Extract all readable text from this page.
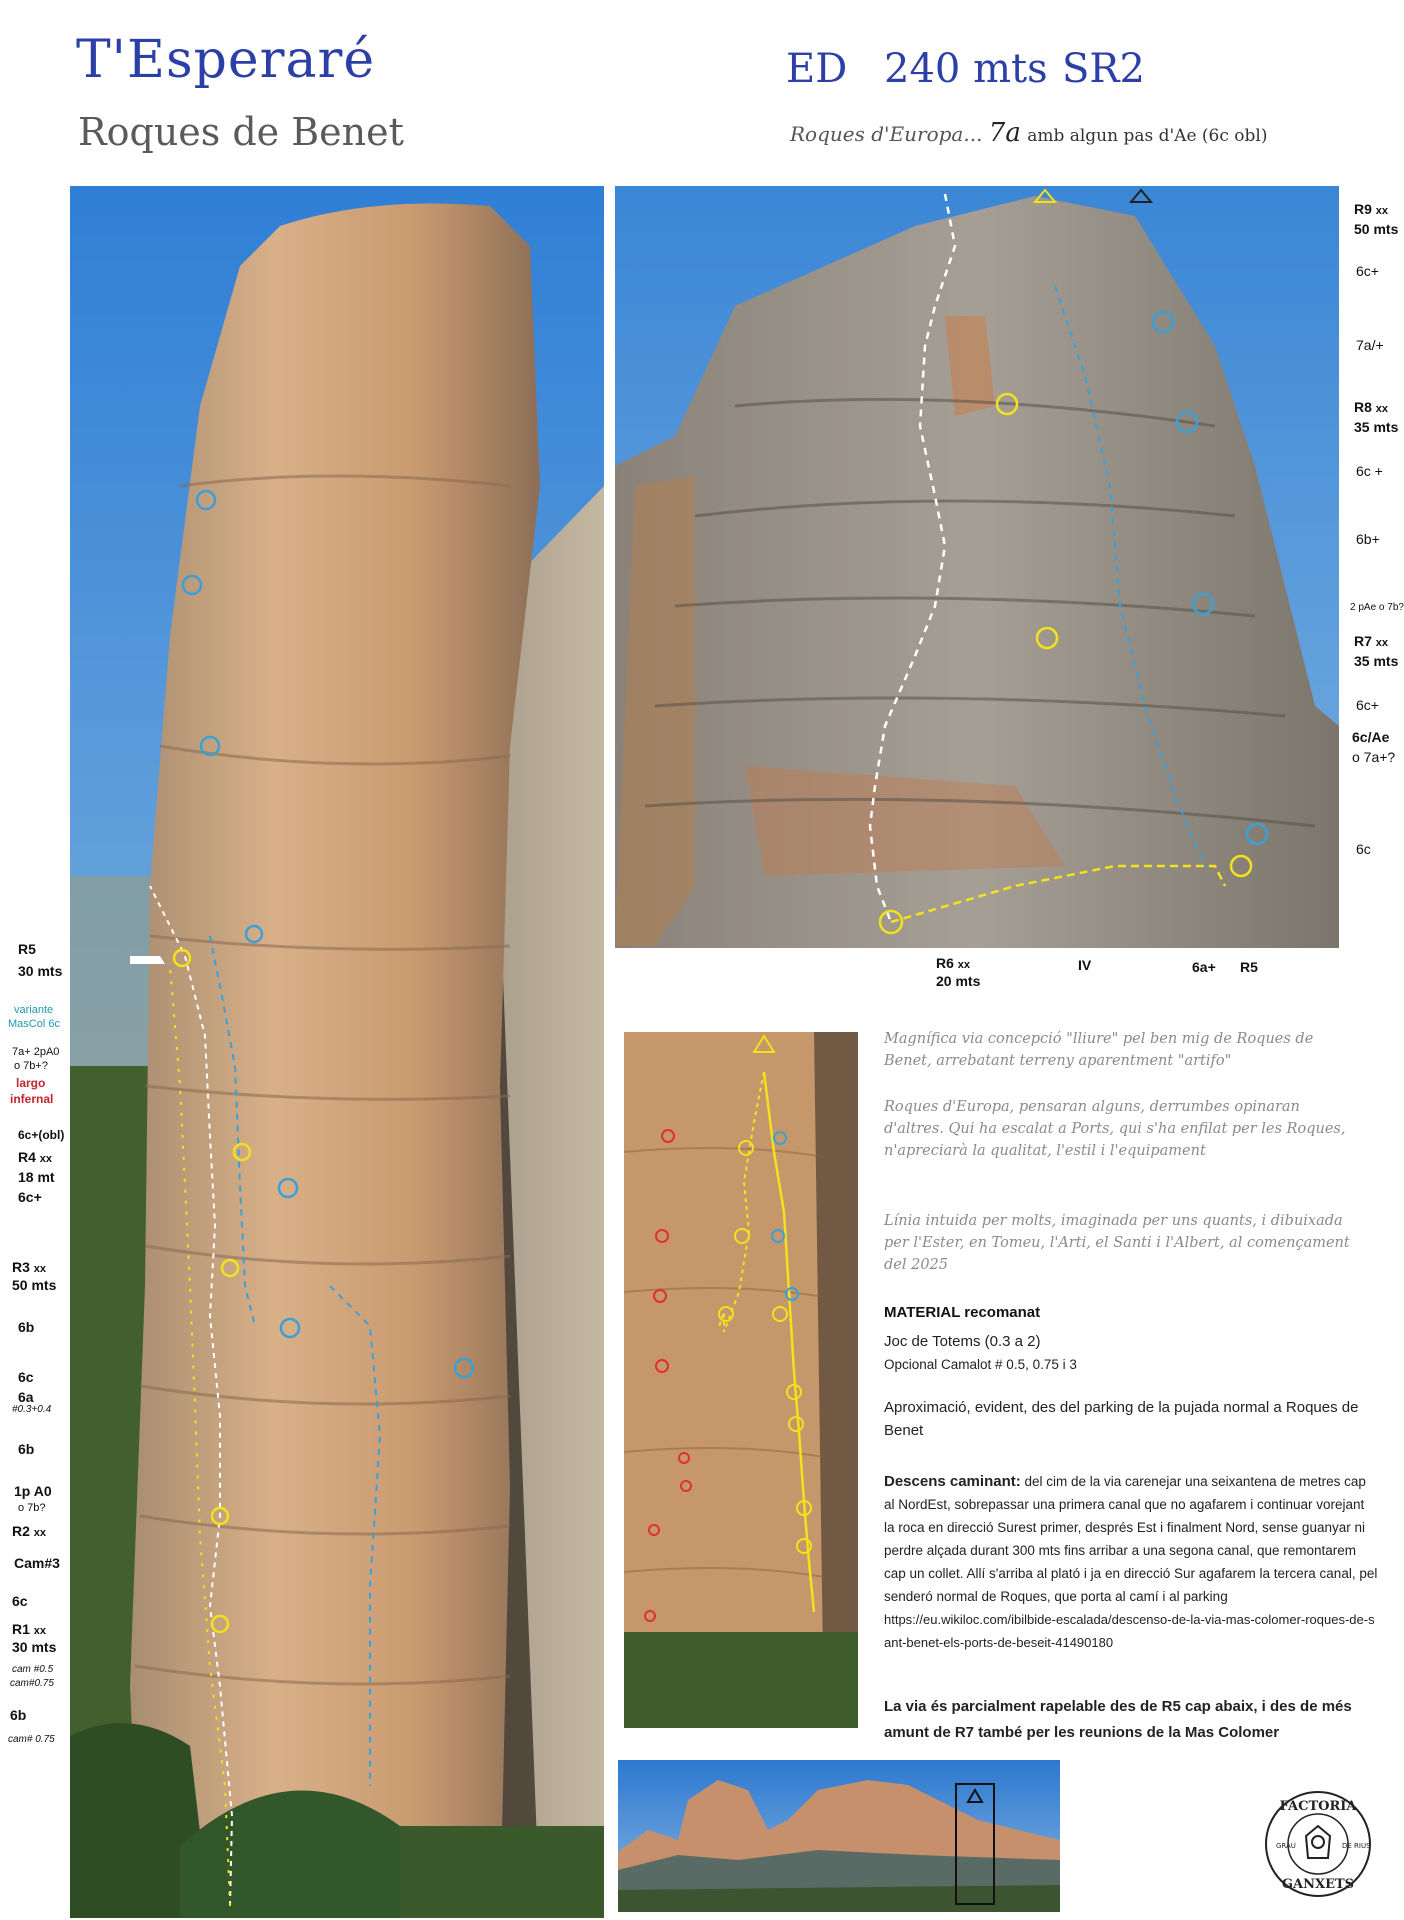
T'Esperaré
Roques de Benet
ED 240 mts SR2
Roques d'Europa... 7a amb algun pas d'Ae (6c obl)
R5
30 mts
variante
MasCol 6c
7a+ 2pA0
o 7b+?
largo
infernal
6c+(obl)
R4 xx
18 mt
6c+
R3 xx
50 mts
6b
6c
6a
#0.3+0.4
6b
1p A0
o 7b?
R2 xx
Cam#3
6c
R1 xx
30 mts
cam #0.5
cam#0.75
6b
cam# 0.75
R9 xx
50 mts
6c+
7a/+
R8 xx
35 mts
6c +
6b+
2 pAe o 7b?
R7 xx
35 mts
6c+
6c/Ae
o 7a+?
6c
R6 xx
20 mts
IV	6a+ R5
Magnífica via concepció "lliure" pel ben mig de Roques de Benet, arrebatant terreny aparentment "artifo"
Roques d'Europa, pensaran alguns, derrumbes opinaran d'altres. Qui ha escalat a Ports, qui s'ha enfilat per les Roques, n'apreciarà la qualitat, l'estil i l'equipament
Línia intuida per molts, imaginada per uns quants, i dibuixada per l'Ester, en Tomeu, l'Arti, el Santi i l'Albert, al començament del 2025
MATERIAL recomanat
Joc de Totems (0.3 a 2)
Opcional Camalot # 0.5, 0.75 i 3
Aproximació, evident, des del parking de la pujada normal a Roques de Benet
Descens caminant: del cim de la via carenejar una seixantena de metres cap al NordEst, sobrepassar una primera canal que no agafarem i continuar vorejant la roca en direcció Surest primer, després Est i finalment Nord, sense guanyar ni perdre alçada durant 300 mts fins arribar a una segona canal, que remontarem cap un collet. Allí s'arriba al plató i ja en direcció Sur agafarem la tercera canal, pel senderó normal de Roques, que porta al camí i al parking
https://eu.wikiloc.com/ibilbide-escalada/descenso-de-la-via-mas-colomer-roques-de-sant-benet-els-ports-de-beseit-41490180
La via és parcialment rapelable des de R5 cap abaix, i des de més amunt de R7 també per les reunions de la Mas Colomer
FACTORIA
GANXETS
GRAU	DE RIUS
